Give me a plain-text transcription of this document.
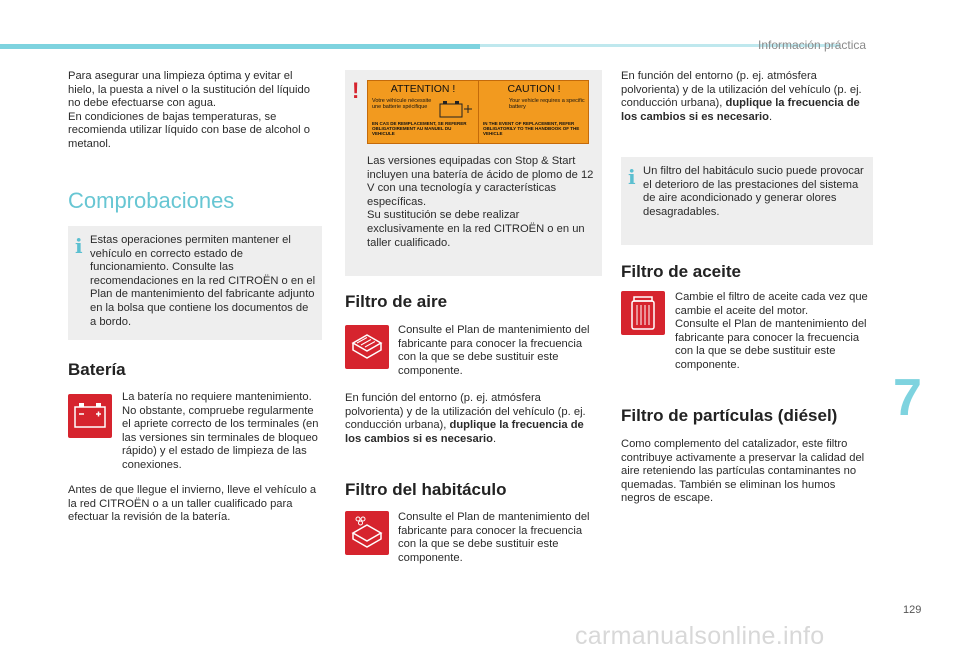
Información práctica
Para asegurar una limpieza óptima y evitar el hielo, la puesta a nivel o la sustitución del líquido no debe efectuarse con agua.
En condiciones de bajas temperaturas, se recomienda utilizar líquido con base de alcohol o metanol.
Comprobaciones
i Estas operaciones permiten mantener el vehículo en correcto estado de funcionamiento. Consulte las recomendaciones en la red CITROËN o en el Plan de mantenimiento del fabricante adjunto en la bolsa que contiene los documentos de a bordo.
Batería
La batería no requiere mantenimiento. No obstante, compruebe regularmente el apriete correcto de los terminales (en las versiones sin terminales de bloqueo rápido) y el estado de limpieza de las conexiones.
Antes de que llegue el invierno, lleve el vehículo a la red CITROËN o a un taller cualificado para efectuar la revisión de la batería.
!	ATTENTION !
Votre véhicule nécessite une batterie spécifique
EN CAS DE REMPLACEMENT, SE REFERER OBLIGATOIREMENT AU MANUEL DU VEHICULE
CAUTION !
Your vehicle requires a specific battery
IN THE EVENT OF REPLACEMENT, REFER OBLIGATORILY TO THE HANDBOOK OF THE VEHICLE
Las versiones equipadas con Stop & Start incluyen una batería de ácido de plomo de 12 V con una tecnología y características específicas.
Su sustitución se debe realizar exclusivamente en la red CITROËN o en un taller cualificado.
Filtro de aire
Consulte el Plan de mantenimiento del fabricante para conocer la frecuencia con la que se debe sustituir este componente.
En función del entorno (p. ej. atmósfera polvorienta) y de la utilización del vehículo (p. ej. conducción urbana), duplique la frecuencia de los cambios si es necesario.
Filtro del habitáculo
Consulte el Plan de mantenimiento del fabricante para conocer la frecuencia con la que se debe sustituir este componente.
En función del entorno (p. ej. atmósfera polvorienta) y de la utilización del vehículo (p. ej. conducción urbana), duplique la frecuencia de los cambios si es necesario.
i Un filtro del habitáculo sucio puede provocar el deterioro de las prestaciones del sistema de aire acondicionado y generar olores desagradables.
Filtro de aceite
Cambie el filtro de aceite cada vez que cambie el aceite del motor.
Consulte el Plan de mantenimiento del fabricante para conocer la frecuencia con la que se debe sustituir este componente.
Filtro de partículas (diésel)
Como complemento del catalizador, este filtro contribuye activamente a preservar la calidad del aire reteniendo las partículas contaminantes no quemadas. También se eliminan los humos negros de escape.
7
129
carmanualsonline.info
